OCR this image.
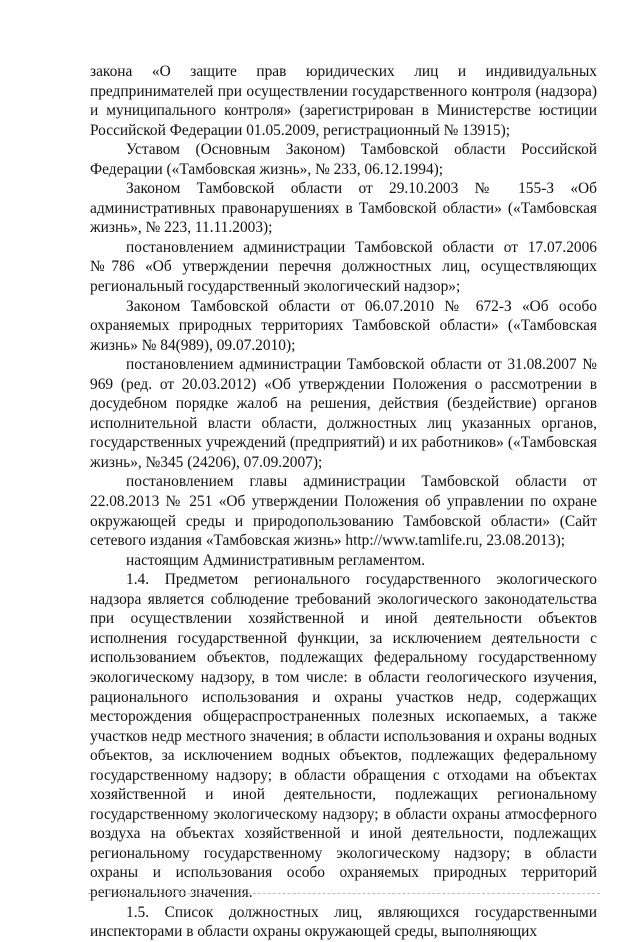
закона «О защите прав юридических лиц и индивидуальных предпринимателей при осуществлении государственного контроля (надзора) и муниципального контроля» (зарегистрирован в Министерстве юстиции Российской Федерации 01.05.2009, регистрационный № 13915);

Уставом (Основным Законом) Тамбовской области Российской Федерации («Тамбовская жизнь», № 233, 06.12.1994);

Законом Тамбовской области от 29.10.2003 № 155-З «Об административных правонарушениях в Тамбовской области» («Тамбовская жизнь», № 223, 11.11.2003);

постановлением администрации Тамбовской области от 17.07.2006 №786 «Об утверждении перечня должностных лиц, осуществляющих региональный государственный экологический надзор»;

Законом Тамбовской области от 06.07.2010 № 672-З «Об особо охраняемых природных территориях Тамбовской области» («Тамбовская жизнь» № 84(989), 09.07.2010);

постановлением администрации Тамбовской области от 31.08.2007 № 969 (ред. от 20.03.2012) «Об утверждении Положения о рассмотрении в досудебном порядке жалоб на решения, действия (бездействие) органов исполнительной власти области, должностных лиц указанных органов, государственных учреждений (предприятий) и их работников» («Тамбовская жизнь», №345 (24206), 07.09.2007);

постановлением главы администрации Тамбовской области от 22.08.2013 № 251 «Об утверждении Положения об управлении по охране окружающей среды и природопользованию Тамбовской области» (Сайт сетевого издания «Тамбовская жизнь» http://www.tamlife.ru, 23.08.2013);

настоящим Административным регламентом.

1.4. Предметом регионального государственного экологического надзора является соблюдение требований экологического законодательства при осуществлении хозяйственной и иной деятельности объектов исполнения государственной функции, за исключением деятельности с использованием объектов, подлежащих федеральному государственному экологическому надзору, в том числе: в области геологического изучения, рационального использования и охраны участков недр, содержащих месторождения общераспространенных полезных ископаемых, а также участков недр местного значения; в области использования и охраны водных объектов, за исключением водных объектов, подлежащих федеральному государственному надзору; в области обращения с отходами на объектах хозяйственной и иной деятельности, подлежащих региональному государственному экологическому надзору; в области охраны атмосферного воздуха на объектах хозяйственной и иной деятельности, подлежащих региональному государственному экологическому надзору; в области охраны и использования особо охраняемых природных территорий регионального значения.

1.5. Список должностных лиц, являющихся государственными инспекторами в области охраны окружающей среды, выполняющих
